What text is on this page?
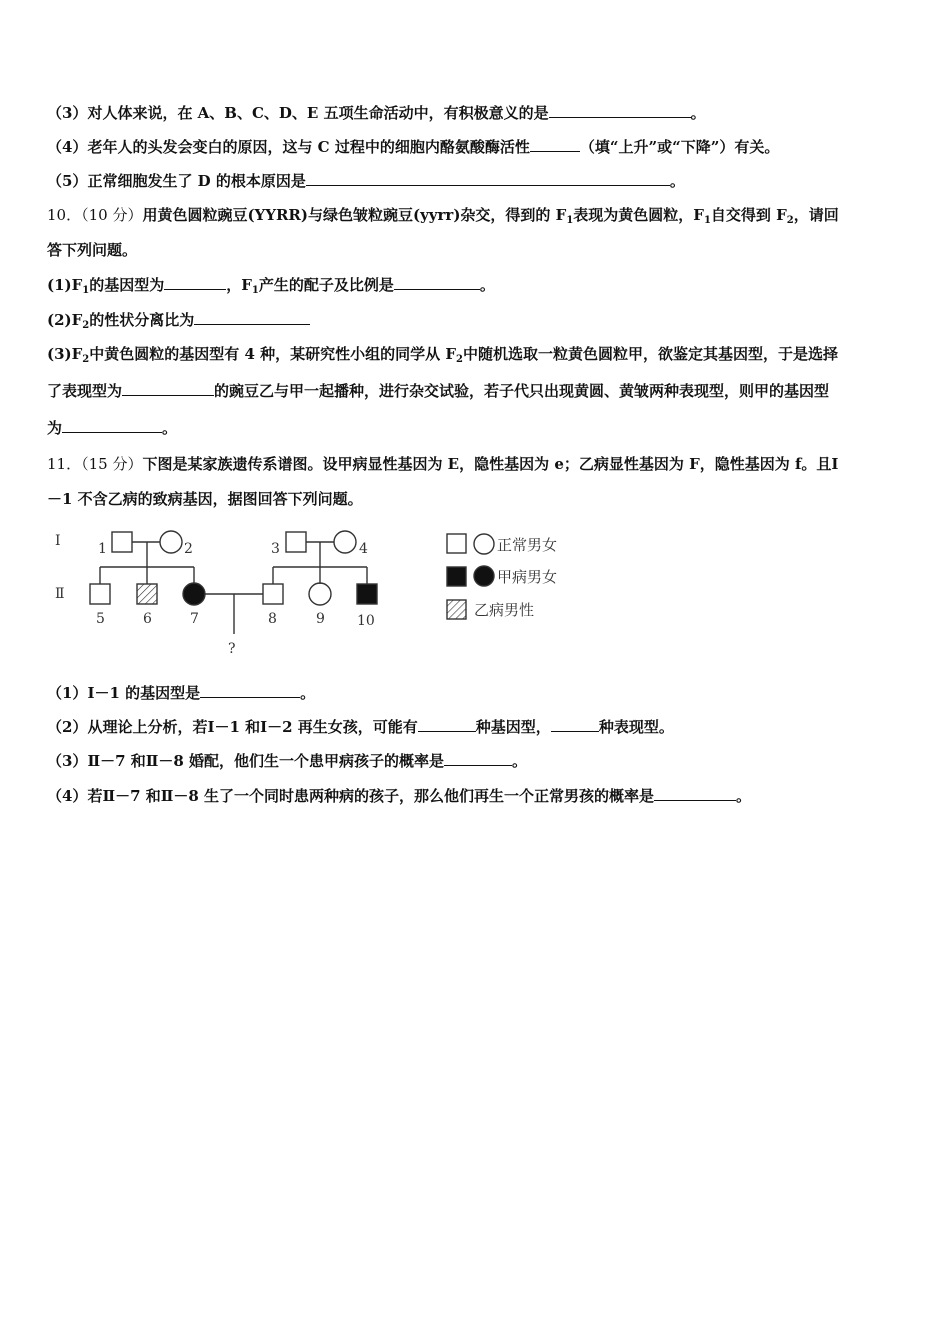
（3）对人体来说，在 A、B、C、D、E 五项生命活动中，有积极意义的是	。
（4）老年人的头发会变白的原因，这与 C 过程中的细胞内酪氨酸酶活性	（填“上升”或“下降”）有关。
（5）正常细胞发生了 D 的根本原因是	。
10．（10 分）用黄色圆粒豌豆(YYRR)与绿色皱粒豌豆(yyrr)杂交，得到的 $F_1$表现为黄色圆粒，$F_1$自交得到 $F_2$，请回
答下列问题。
$(1)F_1$的基因型为	，$F_1$产生的配子及比例是	。
$(2)F_2$的性状分离比为
$(3)F_2$中黄色圆粒的基因型有 4 种，某研究性小组的同学从 $F_2$中随机选取一粒黄色圆粒甲，欲鉴定其基因型，于是选择
了表现型为	的豌豆乙与甲一起播种，进行杂交试验，若子代只出现黄圆、黄皱两种表现型，则甲的基因型
为	。
11．（15 分）下图是某家族遗传系谱图。设甲病显性基因为 E，隐性基因为 e；乙病显性基因为 F，隐性基因为 f。且Ⅰ
－1 不含乙病的致病基因，据图回答下列问题。
Ⅰ
Ⅱ
1	2	3	4
5	6	7	8	9 10
?
正常男女
甲病男女
乙病男性
（1）Ⅰ－1 的基因型是	。
（2）从理论上分析，若Ⅰ－1 和Ⅰ－2 再生女孩，可能有	种基因型，	种表现型。
（3）Ⅱ－7 和Ⅱ－8 婚配，他们生一个患甲病孩子的概率是	。
（4）若Ⅱ－7 和Ⅱ－8 生了一个同时患两种病的孩子，那么他们再生一个正常男孩的概率是	。
